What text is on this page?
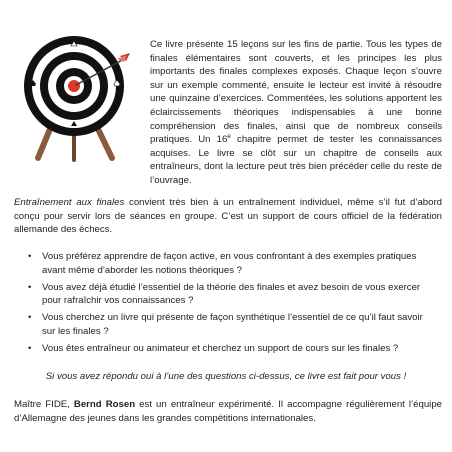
Ce livre présente 15 leçons sur les fins de partie. Tous les types de finales élémentaires sont couverts, et les principes les plus importants des finales complexes exposés. Chaque leçon s’ouvre sur un exemple commenté, ensuite le lecteur est invité à résoudre une quinzaine d’exercices. Commentées, les solutions apportent les éclaircissements théoriques indispensables à une bonne compréhension des finales, ainsi que de nombreux conseils pratiques. Un 16e chapitre permet de tester les connaissances acquises. Le livre se clôt sur un chapitre de conseils aux entraîneurs, dont la lecture peut très bien précéder celle du reste de l’ouvrage.

Entraînement aux finales convient très bien à un entraînement individuel, même s’il fut d’abord conçu pour servir lors de séances en groupe. C’est un support de cours officiel de la fédération allemande des échecs.

•	Vous préférez apprendre de façon active, en vous confrontant à des exemples pratiques avant même d’aborder les notions théoriques ?
•	Vous avez déjà étudié l’essentiel de la théorie des finales et avez besoin de vous exercer pour rafraîchir vos connaissances ?
•	Vous cherchez un livre qui présente de façon synthétique l’essentiel de ce qu’il faut savoir sur les finales ?
•	Vous êtes entraîneur ou animateur et cherchez un support de cours sur les finales ?

Si vous avez répondu oui à l’une des questions ci-dessus, ce livre est fait pour vous !

Maître FIDE, Bernd Rosen est un entraîneur expérimenté. Il accompagne régulièrement l’équipe d’Allemagne des jeunes dans les grandes compétitions internationales.
